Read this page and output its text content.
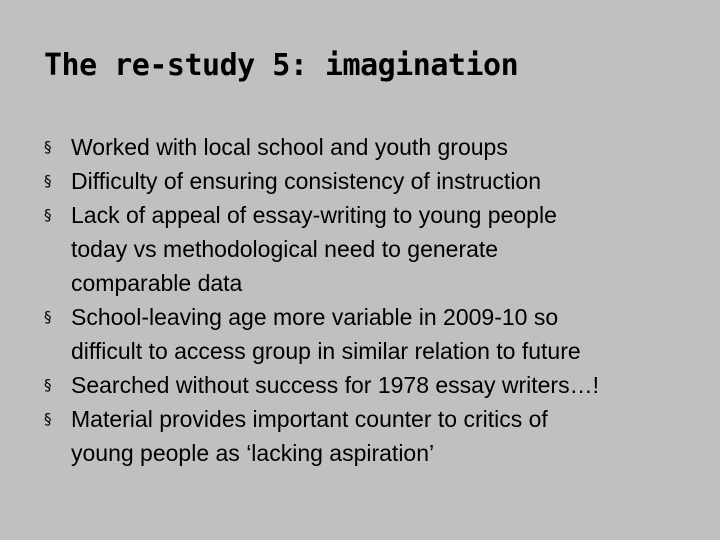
The re-study 5: imagination
§ Worked with local school and youth groups
§ Difficulty of ensuring consistency of instruction
§ Lack of appeal of essay-writing to young people
today vs methodological need to generate
comparable data
§ School-leaving age more variable in 2009-10 so
difficult to access group in similar relation to future
§ Searched without success for 1978 essay writers…!
§ Material provides important counter to critics of
young people as ‘lacking aspiration’
